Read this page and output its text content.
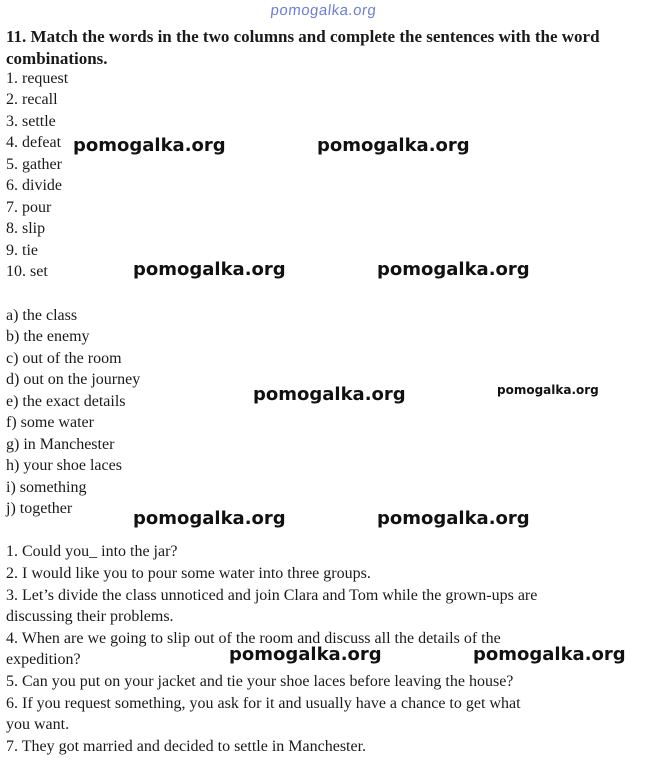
pomogalka.org
11. Match the words in the two columns and complete the sentences with the word combinations.
1. request
2. recall
3. settle
4. defeat
5. gather
6. divide
7. pour
8. slip
9. tie
10. set
a) the class
b) the enemy
c) out of the room
d) out on the journey
e) the exact details
f) some water
g) in Manchester
h) your shoe laces
i) something
j) together
1. Could you_ into the jar?
2. I would like you to pour some water into three groups.
3. Let’s divide the class unnoticed and join Clara and Tom while the grown-ups are
discussing their problems.
4. When are we going to slip out of the room and discuss all the details of the
expedition?
5. Can you put on your jacket and tie your shoe laces before leaving the house?
6. If you request something, you ask for it and usually have a chance to get what
you want.
7. They got married and decided to settle in Manchester.
pomogalka.org	pomogalka.org
pomogalka.org	pomogalka.org
pomogalka.org	pomogalka.org
pomogalka.org	pomogalka.org
pomogalka.org	pomogalka.org
